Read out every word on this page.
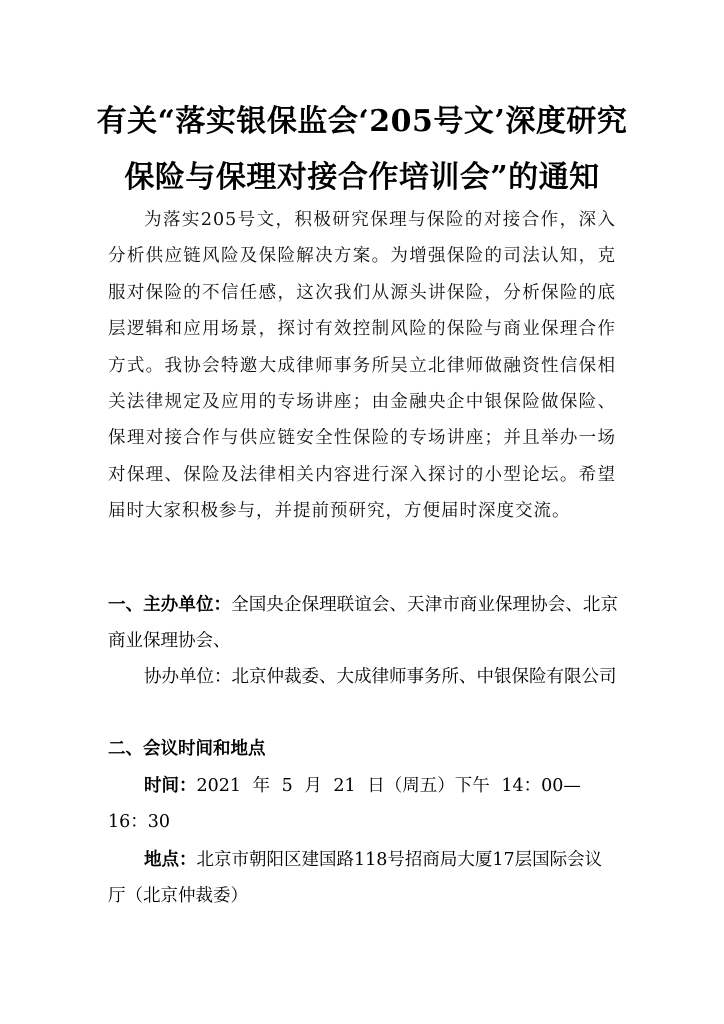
有关“落实银保监会‘205号文’深度研究
保险与保理对接合作培训会”的通知

为落实205号文，积极研究保理与保险的对接合作，深入分析供应链风险及保险解决方案。为增强保险的司法认知，克服对保险的不信任感，这次我们从源头讲保险，分析保险的底层逻辑和应用场景，探讨有效控制风险的保险与商业保理合作方式。我协会特邀大成律师事务所吴立北律师做融资性信保相关法律规定及应用的专场讲座；由金融央企中银保险做保险、保理对接合作与供应链安全性保险的专场讲座；并且举办一场对保理、保险及法律相关内容进行深入探讨的小型论坛。希望届时大家积极参与，并提前预研究，方便届时深度交流。

一、主办单位：全国央企保理联谊会、天津市商业保理协会、北京商业保理协会、

协办单位：北京仲裁委、大成律师事务所、中银保险有限公司

二、会议时间和地点

时间：2021 年 5 月 21 日（周五）下午 14：00—16：30

地点：北京市朝阳区建国路118号招商局大厦17层国际会议厅（北京仲裁委）
